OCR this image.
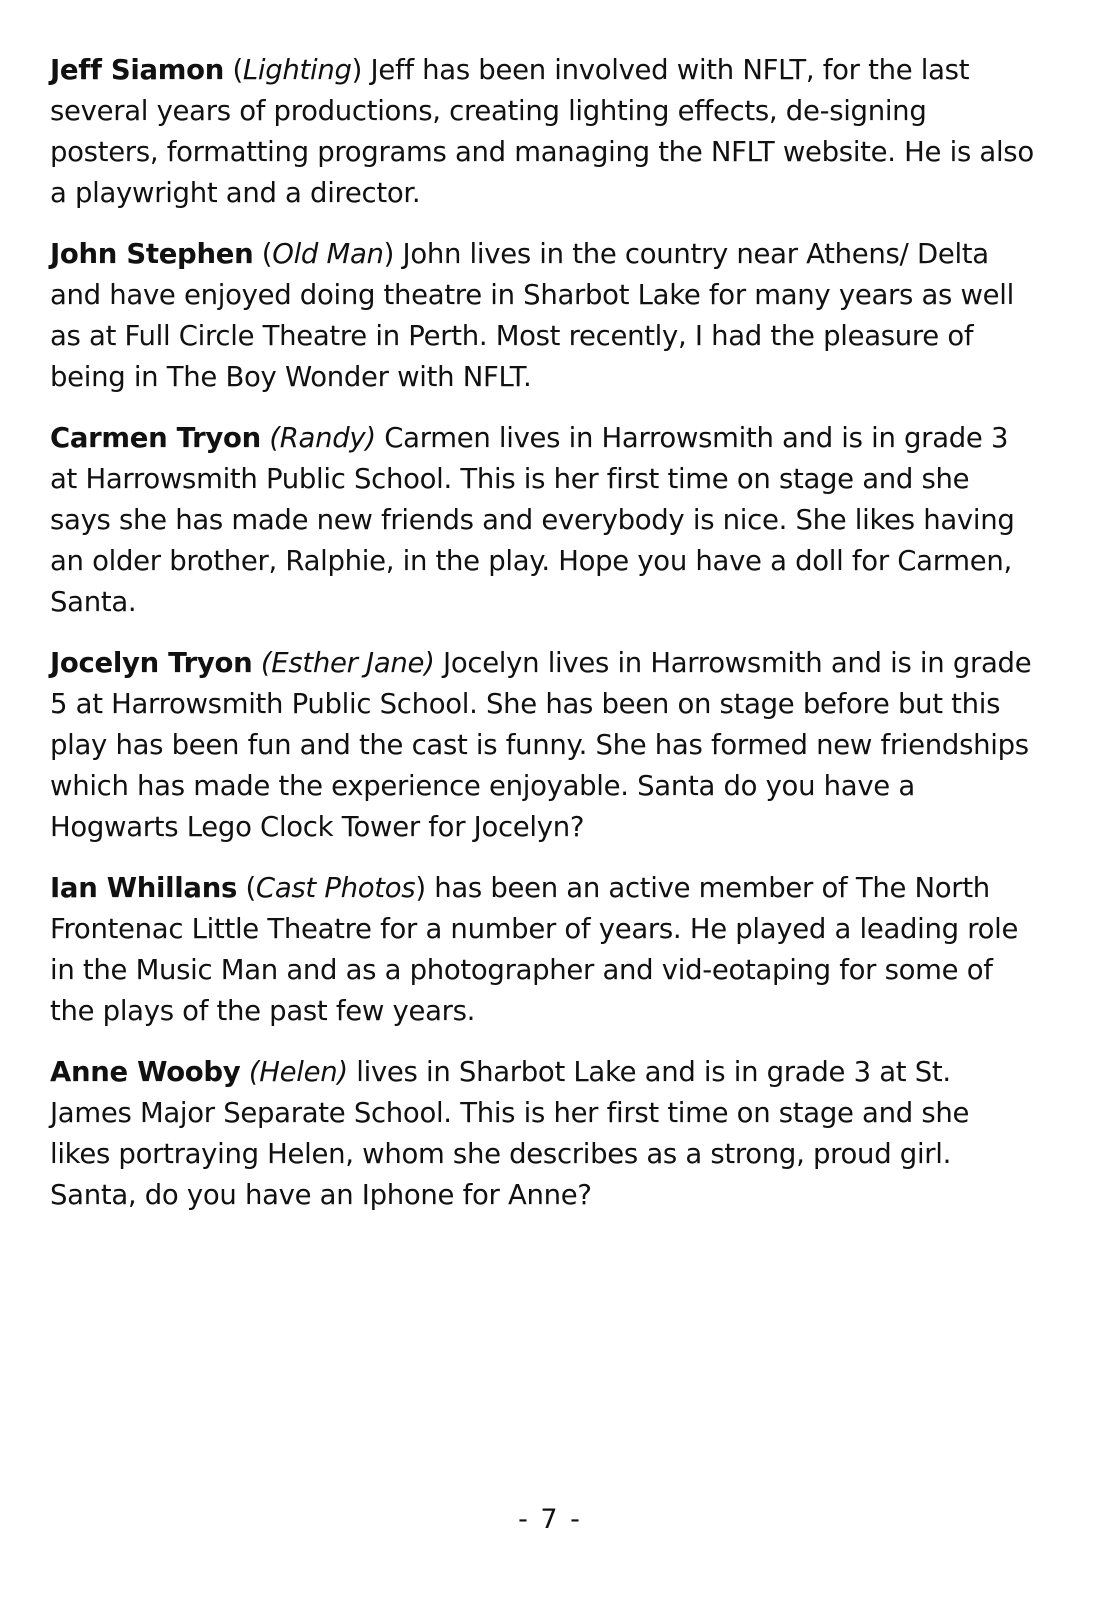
Jeff Siamon (Lighting) Jeff has been involved with NFLT, for the last several years of productions, creating lighting effects, de-signing posters, formatting programs and managing the NFLT website. He is also a playwright and a director.

John Stephen (Old Man) John lives in the country near Athens/ Delta and have enjoyed doing theatre in Sharbot Lake for many years as well as at Full Circle Theatre in Perth. Most recently, I had the pleasure of being in The Boy Wonder with NFLT.

Carmen Tryon (Randy) Carmen lives in Harrowsmith and is in grade 3 at Harrowsmith Public School. This is her first time on stage and she says she has made new friends and everybody is nice. She likes having an older brother, Ralphie, in the play. Hope you have a doll for Carmen, Santa.

Jocelyn Tryon (Esther Jane) Jocelyn lives in Harrowsmith and is in grade 5 at Harrowsmith Public School. She has been on stage before but this play has been fun and the cast is funny. She has formed new friendships which has made the experience enjoyable. Santa do you have a Hogwarts Lego Clock Tower for Jocelyn?

Ian Whillans (Cast Photos) has been an active member of The North Frontenac Little Theatre for a number of years. He played a leading role in the Music Man and as a photographer and vid-eotaping for some of the plays of the past few years.

Anne Wooby (Helen) lives in Sharbot Lake and is in grade 3 at St. James Major Separate School. This is her first time on stage and she likes portraying Helen, whom she describes as a strong, proud girl. Santa, do you have an Iphone for Anne?

- 7 -
